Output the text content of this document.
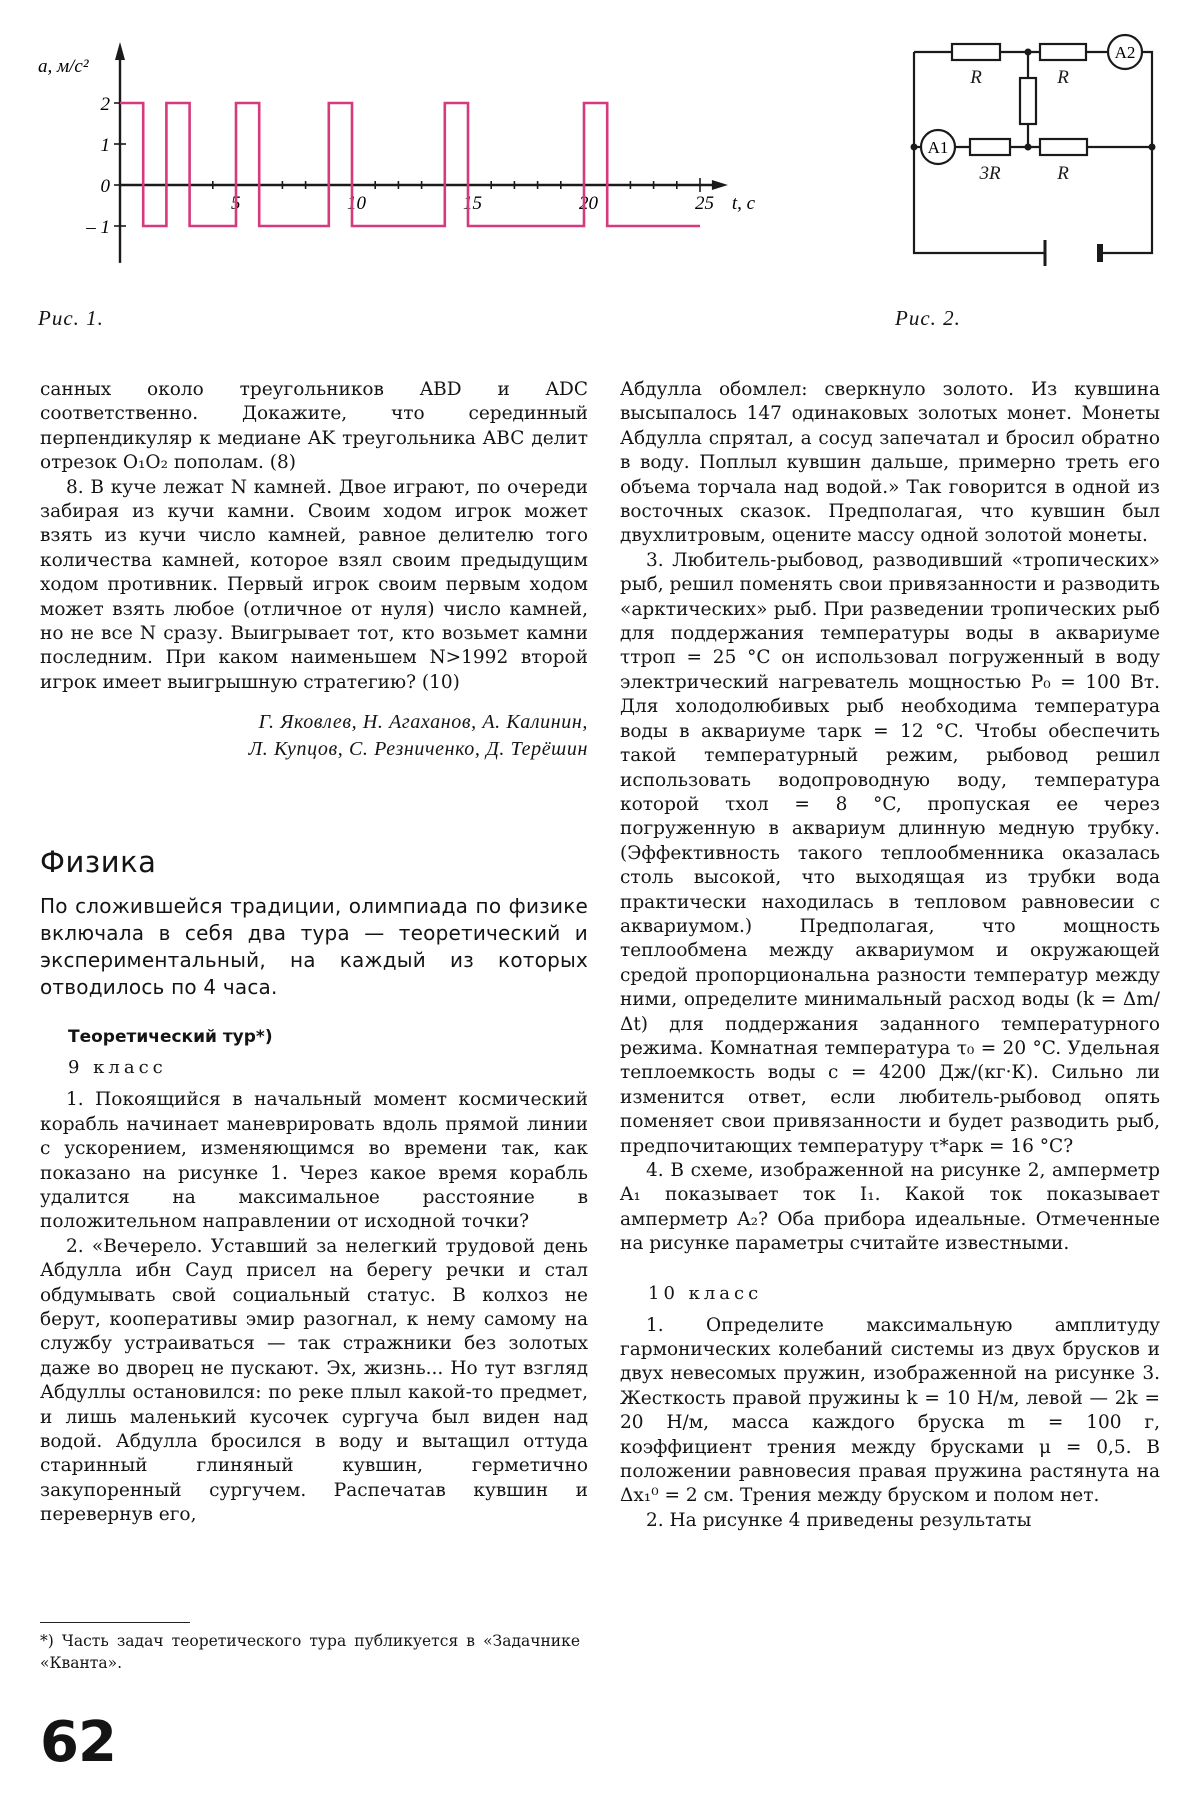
a, м/с²
t, c
5	10	15	20	25
2
1
0
– 1
Рис. 1.
A2
A1
R	R
3R	R
Рис. 2.

санных около треугольников ABD и ADC соответственно. Докажите, что серединный перпендикуляр к медиане AK треугольника ABC делит отрезок O₁O₂ пополам. (8)

8. В куче лежат N камней. Двое играют, по очереди забирая из кучи камни. Своим ходом игрок может взять из кучи число камней, равное делителю того количества камней, которое взял своим предыдущим ходом противник. Первый игрок своим первым ходом может взять любое (отличное от нуля) число камней, но не все N сразу. Выигрывает тот, кто возьмет камни последним. При каком наименьшем N>1992 второй игрок имеет выигрышную стратегию? (10)

Г. Яковлев, Н. Агаханов, А. Калинин,

Л. Купцов, С. Резниченко, Д. Терёшин

Физика

По сложившейся традиции, олимпиада по физике включала в себя два тура — теоретический и экспериментальный, на каждый из которых отводилось по 4 часа.

Теоретический тур*)
9 класс

1. Покоящийся в начальный момент космический корабль начинает маневрировать вдоль прямой линии с ускорением, изменяющимся во времени так, как показано на рисунке 1. Через какое время корабль удалится на максимальное расстояние в положительном направлении от исходной точки?

2. «Вечерело. Уставший за нелегкий трудовой день Абдулла ибн Сауд присел на берегу речки и стал обдумывать свой социальный статус. В колхоз не берут, кооперативы эмир разогнал, к нему самому на службу устраиваться — так стражники без золотых даже во дворец не пускают. Эх, жизнь... Но тут взгляд Абдуллы остановился: по реке плыл какой-то предмет, и лишь маленький кусочек сургуча был виден над водой. Абдулла бросился в воду и вытащил оттуда старинный глиняный кувшин, герметично закупоренный сургучем. Распечатав кувшин и перевернув его,

Абдулла обомлел: сверкнуло золото. Из кувшина высыпалось 147 одинаковых золотых монет. Монеты Абдулла спрятал, а сосуд запечатал и бросил обратно в воду. Поплыл кувшин дальше, примерно треть его объема торчала над водой.» Так говорится в одной из восточных сказок. Предполагая, что кувшин был двухлитровым, оцените массу одной золотой монеты.

3. Любитель-рыбовод, разводивший «тропических» рыб, решил поменять свои привязанности и разводить «арктических» рыб. При разведении тропических рыб для поддержания температуры воды в аквариуме τтроп = 25 °C он использовал погруженный в воду электрический нагреватель мощностью P₀ = 100 Вт. Для холодолюбивых рыб необходима температура воды в аквариуме τарк = 12 °C. Чтобы обеспечить такой температурный режим, рыбовод решил использовать водопроводную воду, температура которой τхол = 8 °C, пропуская ее через погруженную в аквариум длинную медную трубку. (Эффективность такого теплообменника оказалась столь высокой, что выходящая из трубки вода практически находилась в тепловом равновесии с аквариумом.) Предполагая, что мощность теплообмена между аквариумом и окружающей средой пропорциональна разности температур между ними, определите минимальный расход воды (k = Δm/Δt) для поддержания заданного температурного режима. Комнатная температура τ₀ = 20 °C. Удельная теплоемкость воды c = 4200 Дж/(кг·К). Сильно ли изменится ответ, если любитель-рыбовод опять поменяет свои привязанности и будет разводить рыб, предпочитающих температуру τ*арк = 16 °C?

4. В схеме, изображенной на рисунке 2, амперметр A₁ показывает ток I₁. Какой ток показывает амперметр A₂? Оба прибора идеальные. Отмеченные на рисунке параметры считайте известными.

10 класс

1. Определите максимальную амплитуду гармонических колебаний системы из двух брусков и двух невесомых пружин, изображенной на рисунке 3. Жесткость правой пружины k = 10 Н/м, левой — 2k = 20 Н/м, масса каждого бруска m = 100 г, коэффициент трения между брусками μ = 0,5. В положении равновесия правая пружина растянута на Δx₁⁰ = 2 см. Трения между бруском и полом нет.

2. На рисунке 4 приведены результаты

*) Часть задач теоретического тура публикуется в «Задачнике «Кванта».
62
